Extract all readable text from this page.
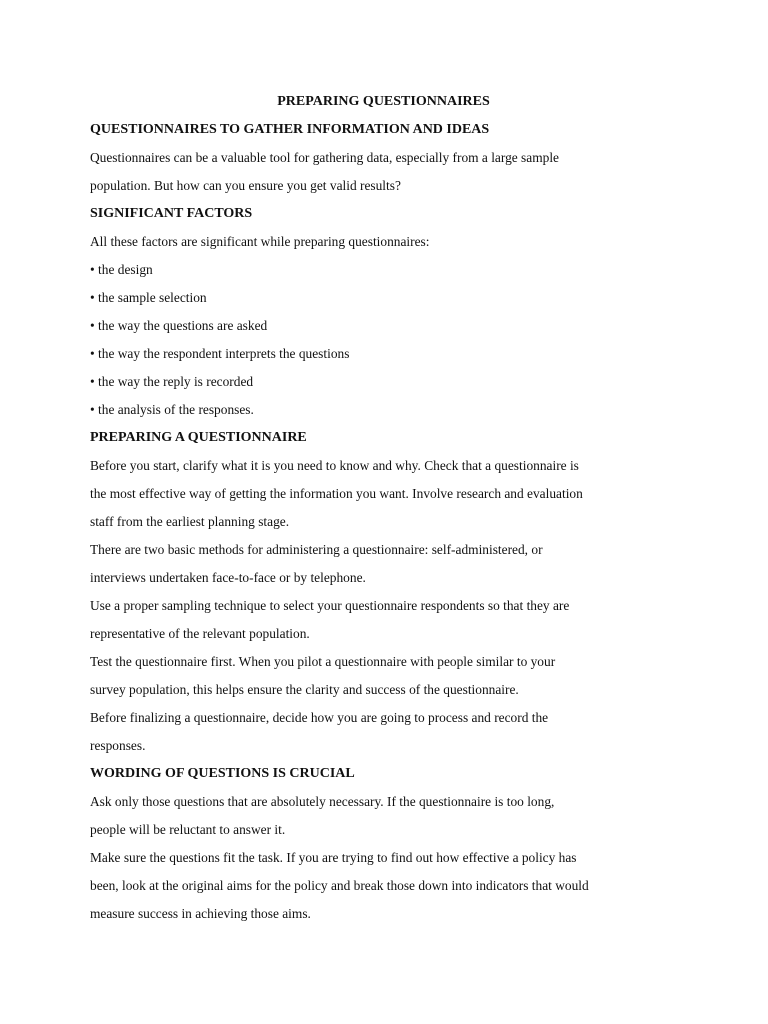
PREPARING QUESTIONNAIRES
QUESTIONNAIRES TO GATHER INFORMATION AND IDEAS

Questionnaires can be a valuable tool for gathering data, especially from a large sample
population. But how can you ensure you get valid results?

SIGNIFICANT FACTORS

All these factors are significant while preparing questionnaires:

• the design
• the sample selection
• the way the questions are asked
• the way the respondent interprets the questions
• the way the reply is recorded
• the analysis of the responses.
PREPARING A QUESTIONNAIRE

Before you start, clarify what it is you need to know and why. Check that a questionnaire is
the most effective way of getting the information you want. Involve research and evaluation
staff from the earliest planning stage.

There are two basic methods for administering a questionnaire: self-administered, or
interviews undertaken face-to-face or by telephone.

Use a proper sampling technique to select your questionnaire respondents so that they are
representative of the relevant population.

Test the questionnaire first. When you pilot a questionnaire with people similar to your
survey population, this helps ensure the clarity and success of the questionnaire.

Before finalizing a questionnaire, decide how you are going to process and record the
responses.

WORDING OF QUESTIONS IS CRUCIAL

Ask only those questions that are absolutely necessary. If the questionnaire is too long,
people will be reluctant to answer it.

Make sure the questions fit the task. If you are trying to find out how effective a policy has
been, look at the original aims for the policy and break those down into indicators that would
measure success in achieving those aims.
